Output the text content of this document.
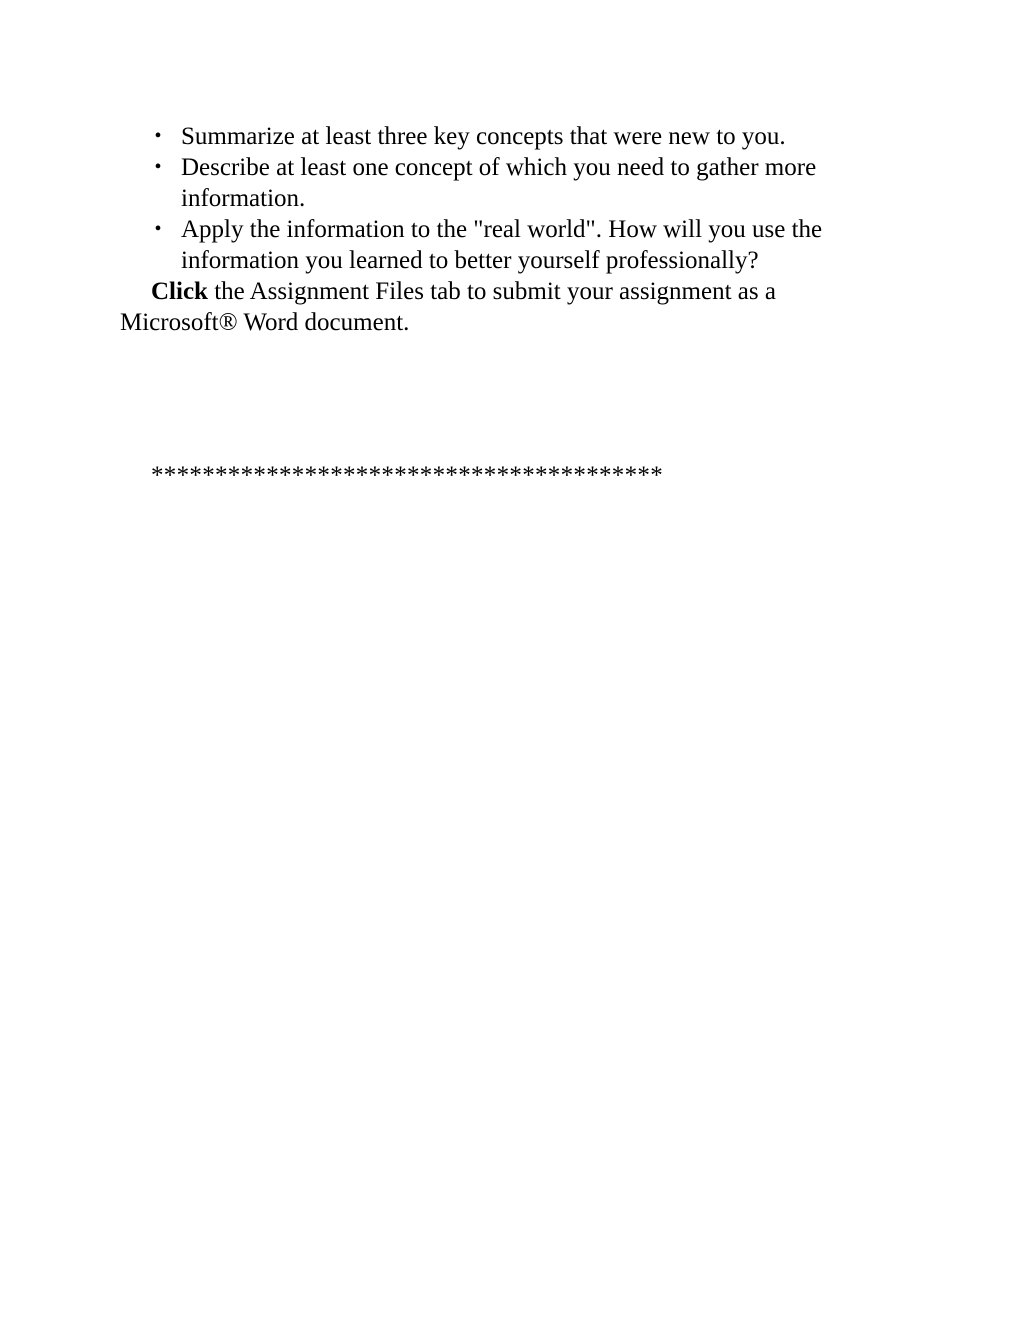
• Summarize at least three key concepts that were new to you.
• Describe at least one concept of which you need to gather more information.
• Apply the information to the "real world". How will you use the information you learned to better yourself professionally?

Click the Assignment Files tab to submit your assignment as a Microsoft® Word document.

****************************************
